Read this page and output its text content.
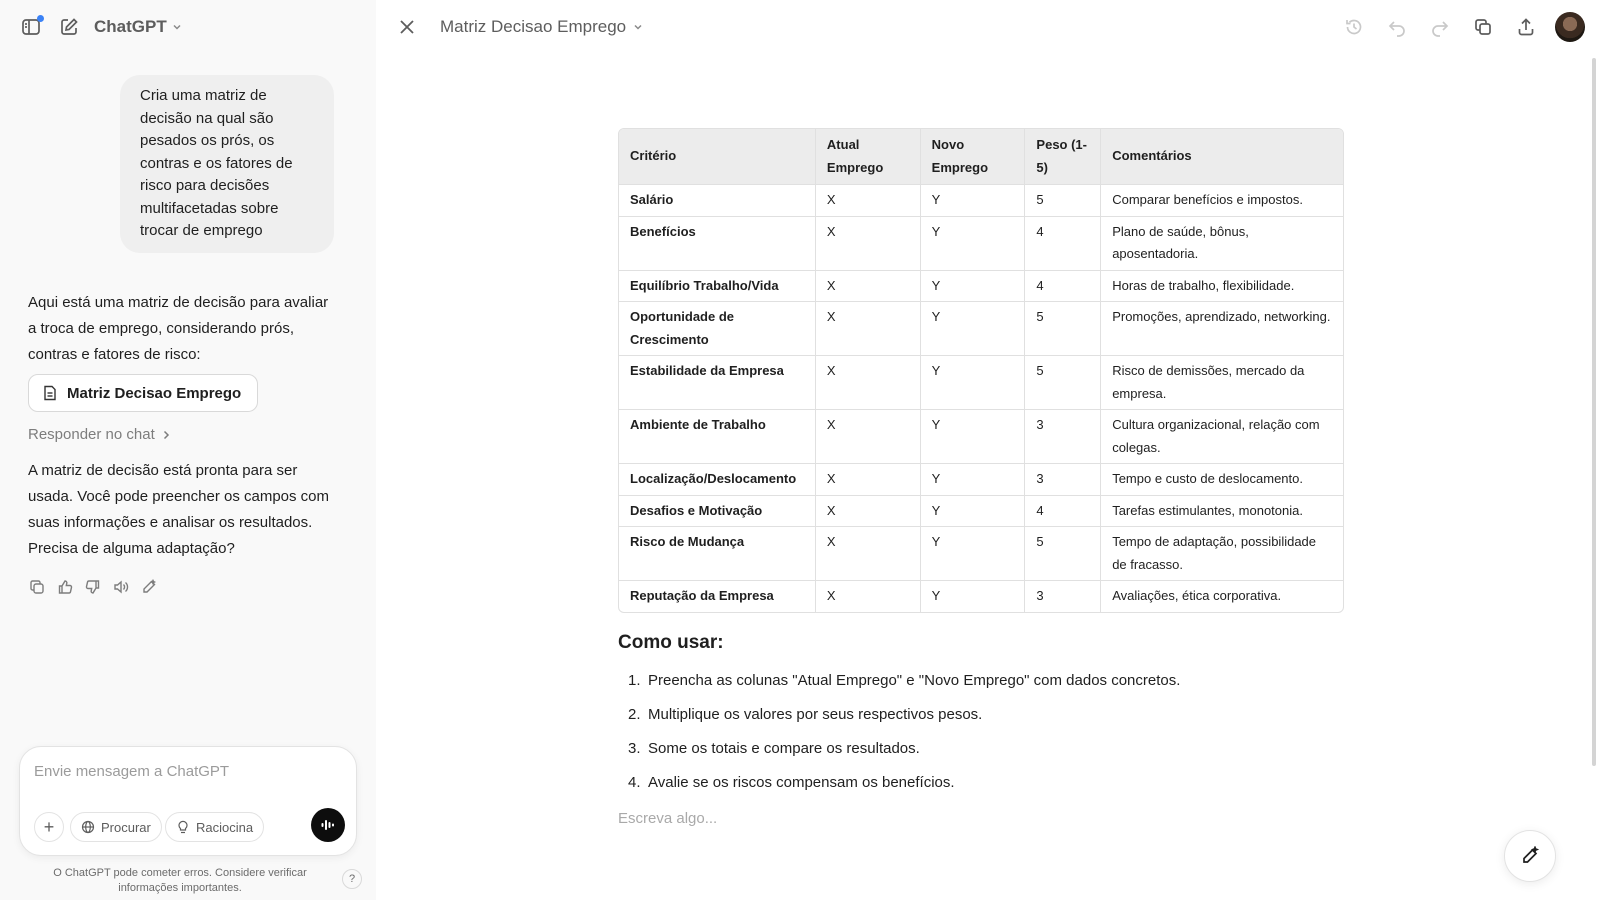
ChatGPT
Cria uma matriz de decisão na qual são pesados os prós, os contras e os fatores de risco para decisões multifacetadas sobre trocar de emprego
Aqui está uma matriz de decisão para avaliar a troca de emprego, considerando prós, contras e fatores de risco:
Matriz Decisao Emprego
Responder no chat
A matriz de decisão está pronta para ser usada. Você pode preencher os campos com suas informações e analisar os resultados. Precisa de alguma adaptação?
Envie mensagem a ChatGPT
+	Procurar	Raciocina
O ChatGPT pode cometer erros. Considere verificar informações importantes.
?
Matriz Decisao Emprego
Critério	Atual Emprego	Novo Emprego	Peso (1-5)	Comentários
Salário	X	Y	5	Comparar benefícios e impostos.
Benefícios	X	Y	4	Plano de saúde, bônus, aposentadoria.
Equilíbrio Trabalho/Vida	X	Y	4	Horas de trabalho, flexibilidade.
Oportunidade de Crescimento	X	Y	5	Promoções, aprendizado, networking.
Estabilidade da Empresa	X	Y	5	Risco de demissões, mercado da empresa.
Ambiente de Trabalho	X	Y	3	Cultura organizacional, relação com colegas.
Localização/Deslocamento	X	Y	3	Tempo e custo de deslocamento.
Desafios e Motivação	X	Y	4	Tarefas estimulantes, monotonia.
Risco de Mudança	X	Y	5	Tempo de adaptação, possibilidade de fracasso.
Reputação da Empresa	X	Y	3	Avaliações, ética corporativa.
Como usar:
1. Preencha as colunas "Atual Emprego" e "Novo Emprego" com dados concretos.
2. Multiplique os valores por seus respectivos pesos.
3. Some os totais e compare os resultados.
4. Avalie se os riscos compensam os benefícios.
Escreva algo...
